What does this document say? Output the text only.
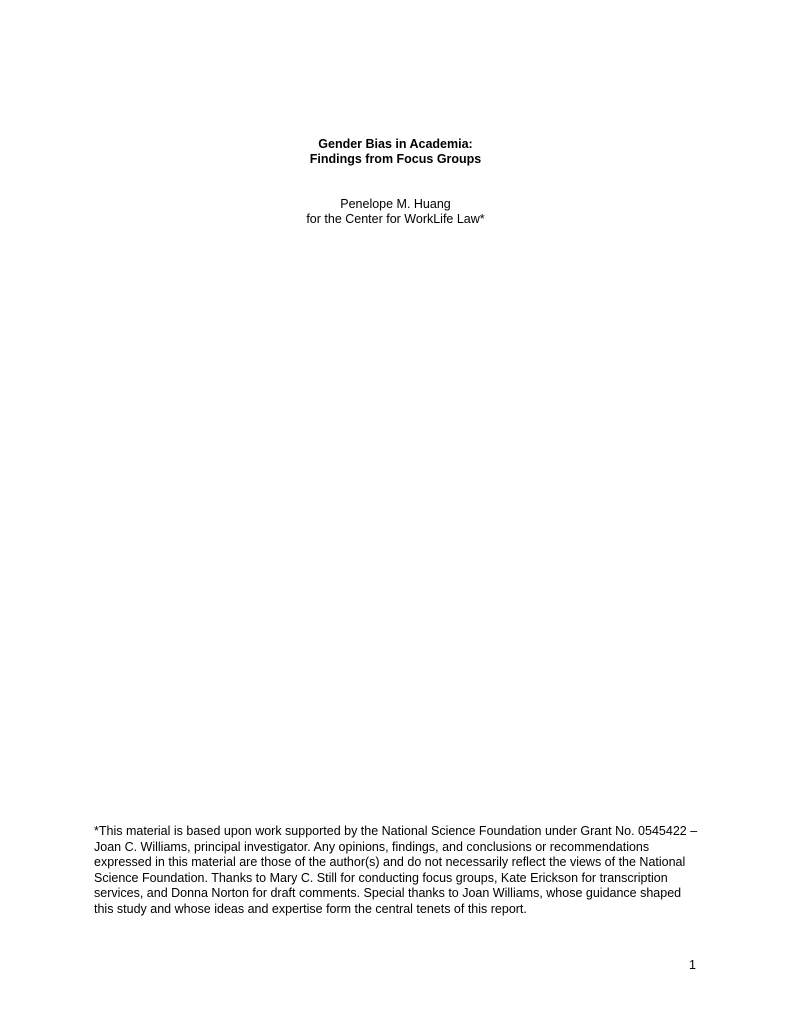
Gender Bias in Academia:

Findings from Focus Groups

Penelope M. Huang

for the Center for WorkLife Law*

*This material is based upon work supported by the National Science Foundation under Grant No. 0545422 – Joan C. Williams, principal investigator. Any opinions, findings, and conclusions or recommendations expressed in this material are those of the author(s) and do not necessarily reflect the views of the National Science Foundation. Thanks to Mary C. Still for conducting focus groups, Kate Erickson for transcription services, and Donna Norton for draft comments. Special thanks to Joan Williams, whose guidance shaped this study and whose ideas and expertise form the central tenets of this report.

1
